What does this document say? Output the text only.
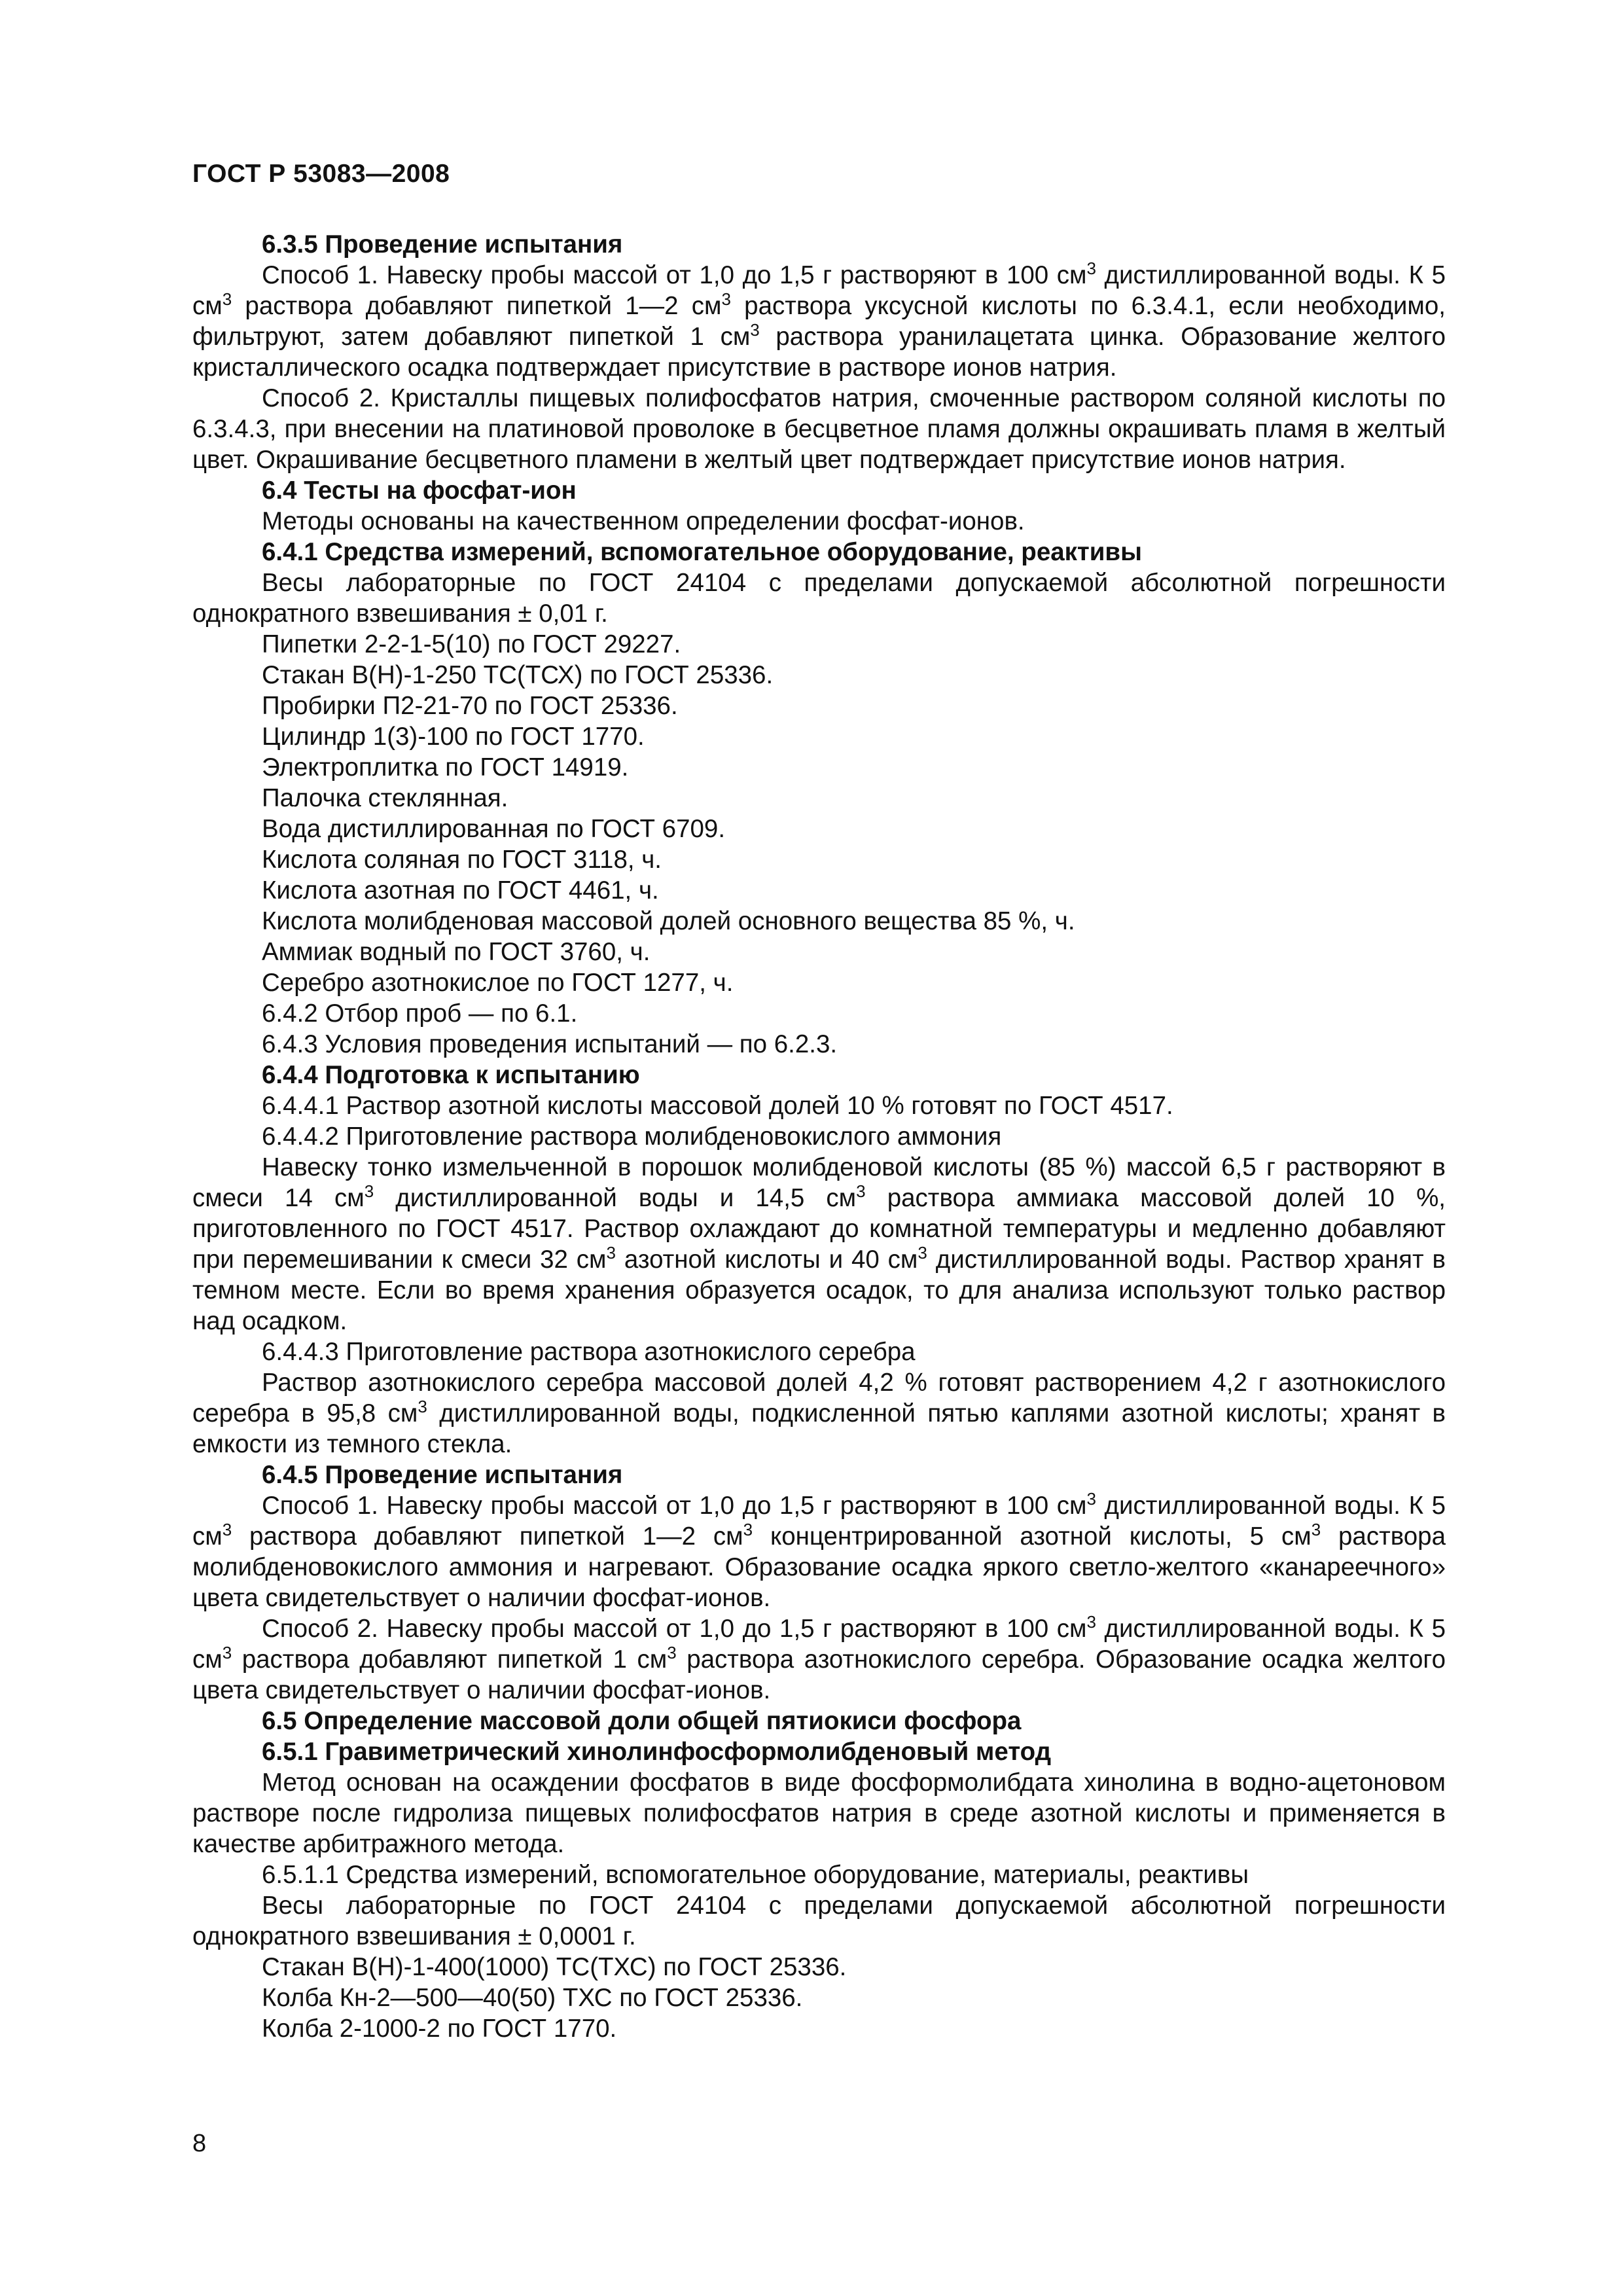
ГОСТ Р 53083—2008

6.3.5 Проведение испытания

Способ 1. Навеску пробы массой от 1,0 до 1,5 г растворяют в 100 $см^3$ дистиллированной воды. К 5 $см^3$ раствора добавляют пипеткой 1—2 $см^3$ раствора уксусной кислоты по 6.3.4.1, если необходимо, фильтруют, затем добавляют пипеткой 1 $см^3$ раствора уранилацетата цинка. Образование желтого кристаллического осадка подтверждает присутствие в растворе ионов натрия.

Способ 2. Кристаллы пищевых полифосфатов натрия, смоченные раствором соляной кислоты по 6.3.4.3, при внесении на платиновой проволоке в бесцветное пламя должны окрашивать пламя в желтый цвет. Окрашивание бесцветного пламени в желтый цвет подтверждает присутствие ионов натрия.

6.4 Тесты на фосфат-ион

Методы основаны на качественном определении фосфат-ионов.

6.4.1 Средства измерений, вспомогательное оборудование, реактивы

Весы лабораторные по ГОСТ 24104 с пределами допускаемой абсолютной погрешности однократного взвешивания ± 0,01 г.

Пипетки 2-2-1-5(10) по ГОСТ 29227.

Стакан В(Н)-1-250 ТС(ТСХ) по ГОСТ 25336.

Пробирки П2-21-70 по ГОСТ 25336.

Цилиндр 1(3)-100 по ГОСТ 1770.

Электроплитка по ГОСТ 14919.

Палочка стеклянная.

Вода дистиллированная по ГОСТ 6709.

Кислота соляная по ГОСТ 3118, ч.

Кислота азотная по ГОСТ 4461, ч.

Кислота молибденовая массовой долей основного вещества 85 %, ч.

Аммиак водный по ГОСТ 3760, ч.

Серебро азотнокислое по ГОСТ 1277, ч.

6.4.2 Отбор проб — по 6.1.

6.4.3 Условия проведения испытаний — по 6.2.3.

6.4.4 Подготовка к испытанию

6.4.4.1 Раствор азотной кислоты массовой долей 10 % готовят по ГОСТ 4517.

6.4.4.2 Приготовление раствора молибденовокислого аммония

Навеску тонко измельченной в порошок молибденовой кислоты (85 %) массой 6,5 г растворяют в смеси 14 $см^3$ дистиллированной воды и 14,5 $см^3$ раствора аммиака массовой долей 10 %, приготовленного по ГОСТ 4517. Раствор охлаждают до комнатной температуры и медленно добавляют при перемешивании к смеси 32 $см^3$ азотной кислоты и 40 $см^3$ дистиллированной воды. Раствор хранят в темном месте. Если во время хранения образуется осадок, то для анализа используют только раствор над осадком.

6.4.4.3 Приготовление раствора азотнокислого серебра

Раствор азотнокислого серебра массовой долей 4,2 % готовят растворением 4,2 г азотнокислого серебра в 95,8 $см^3$ дистиллированной воды, подкисленной пятью каплями азотной кислоты; хранят в емкости из темного стекла.

6.4.5 Проведение испытания

Способ 1. Навеску пробы массой от 1,0 до 1,5 г растворяют в 100 $см^3$ дистиллированной воды. К 5 $см^3$ раствора добавляют пипеткой 1—2 $см^3$ концентрированной азотной кислоты, 5 $см^3$ раствора молибденовокислого аммония и нагревают. Образование осадка яркого светло-желтого «канареечного» цвета свидетельствует о наличии фосфат-ионов.

Способ 2. Навеску пробы массой от 1,0 до 1,5 г растворяют в 100 $см^3$ дистиллированной воды. К 5 $см^3$ раствора добавляют пипеткой 1 $см^3$ раствора азотнокислого серебра. Образование осадка желтого цвета свидетельствует о наличии фосфат-ионов.

6.5 Определение массовой доли общей пятиокиси фосфора

6.5.1 Гравиметрический хинолинфосформолибденовый метод

Метод основан на осаждении фосфатов в виде фосформолибдата хинолина в водно-ацетоновом растворе после гидролиза пищевых полифосфатов натрия в среде азотной кислоты и применяется в качестве арбитражного метода.

6.5.1.1 Средства измерений, вспомогательное оборудование, материалы, реактивы

Весы лабораторные по ГОСТ 24104 с пределами допускаемой абсолютной погрешности однократного взвешивания ± 0,0001 г.

Стакан В(Н)-1-400(1000) ТС(ТХС) по ГОСТ 25336.

Колба Кн-2—500—40(50) ТХС по ГОСТ 25336.

Колба 2-1000-2 по ГОСТ 1770.

8
